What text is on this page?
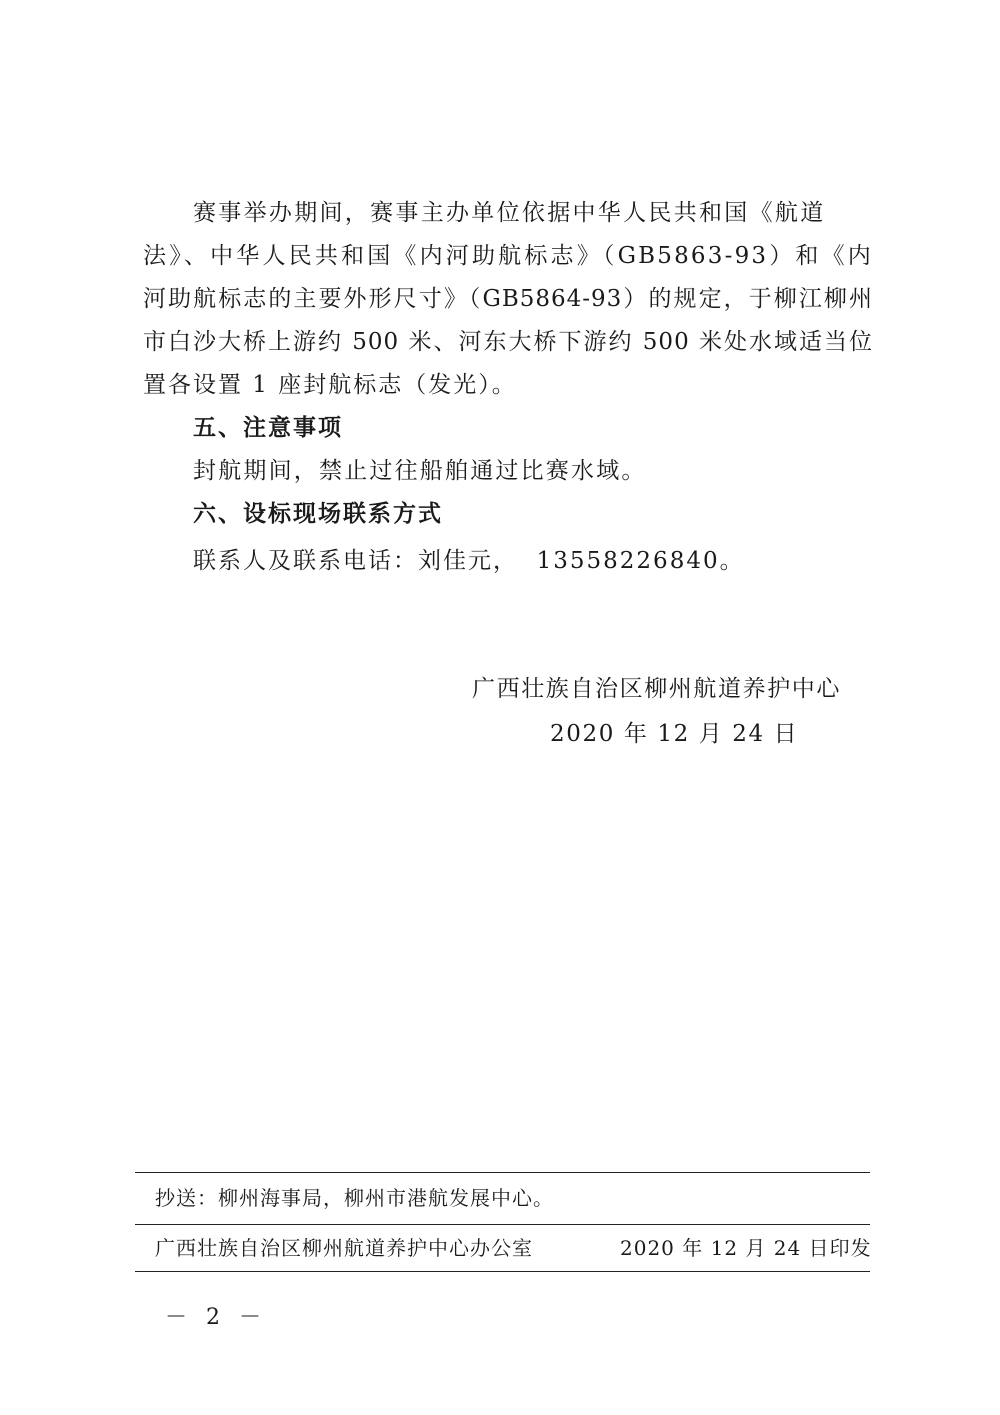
赛事举办期间，赛事主办单位依据中华人民共和国《航道
法》、中华人民共和国《内河助航标志》（GB5863-93）和《内
河助航标志的主要外形尺寸》（GB5864-93）的规定，于柳江柳州
市白沙大桥上游约 500 米、河东大桥下游约 500 米处水域适当位
置各设置 1 座封航标志（发光）。
五、注意事项
封航期间，禁止过往船舶通过比赛水域。
六、设标现场联系方式
联系人及联系电话：刘佳元，  13558226840。
广西壮族自治区柳州航道养护中心
2020 年 12 月 24 日
抄送：柳州海事局，柳州市港航发展中心。
广西壮族自治区柳州航道养护中心办公室	2020 年 12 月 24 日印发
－ 2 －
